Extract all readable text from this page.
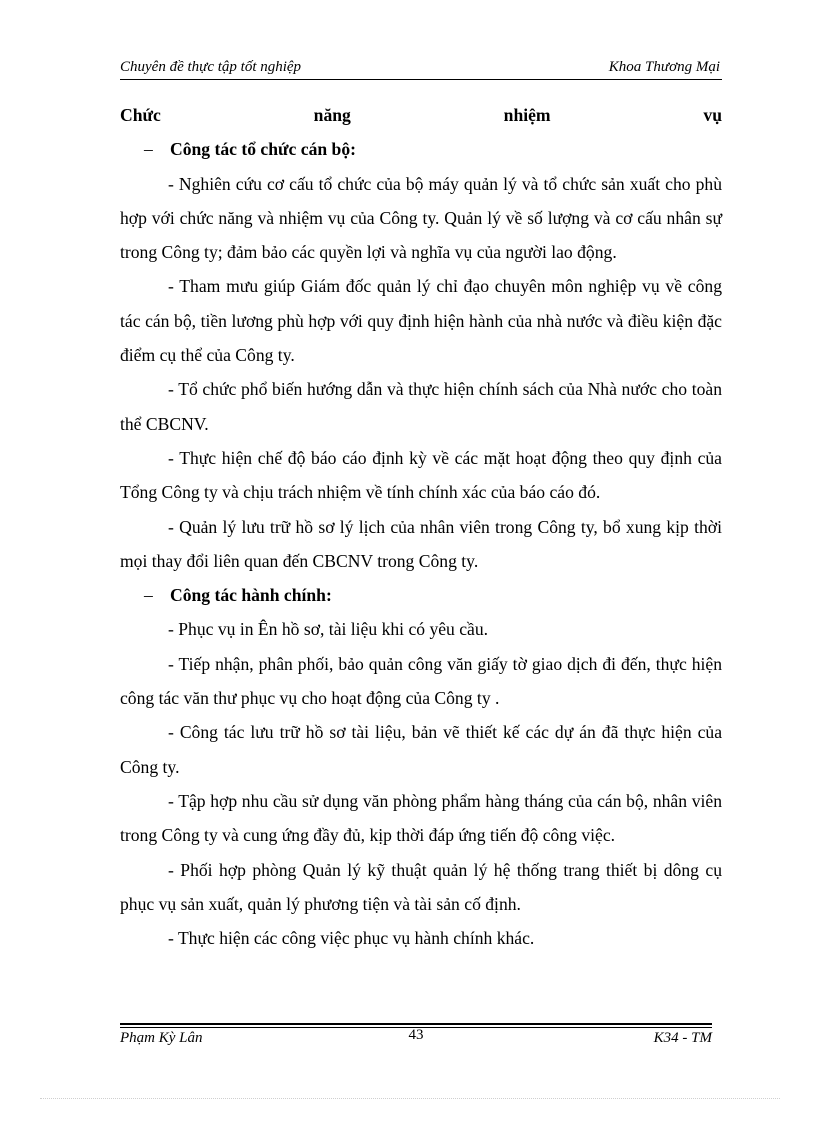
Chuyên đề thực tập tốt nghiệp	Khoa Thương Mại

Chức	năng	nhiệm	vụ

– Công tác tổ chức cán bộ:

- Nghiên cứu cơ cấu tổ chức của bộ máy quản lý và tổ chức sản xuất cho phù hợp với chức năng và nhiệm vụ của Công ty. Quản lý về số lượng và cơ cấu nhân sự trong Công ty; đảm bảo các quyền lợi và nghĩa vụ của người lao động.

- Tham mưu giúp Giám đốc quản lý chỉ đạo chuyên môn nghiệp vụ về công tác cán bộ, tiền lương phù hợp với quy định hiện hành của nhà nước và điều kiện đặc điểm cụ thể của Công ty.

- Tổ chức phổ biến hướng dẫn và thực hiện chính sách của Nhà nước cho toàn thể CBCNV.

- Thực hiện chế độ báo cáo định kỳ về các mặt hoạt động theo quy định của Tổng Công ty và chịu trách nhiệm về tính chính xác của báo cáo đó.

- Quản lý lưu trữ hồ sơ lý lịch của nhân viên trong Công ty, bổ xung kịp thời mọi thay đổi liên quan đến CBCNV trong Công ty.

– Công tác hành chính:

- Phục vụ in Ên hồ sơ, tài liệu khi có yêu cầu.

- Tiếp nhận, phân phối, bảo quản công văn giấy tờ giao dịch đi đến, thực hiện công tác văn thư phục vụ cho hoạt động của Công ty .

- Công tác lưu trữ hồ sơ tài liệu, bản vẽ thiết kế các dự án đã thực hiện của Công ty.

- Tập hợp nhu cầu sử dụng văn phòng phẩm hàng tháng của cán bộ, nhân viên trong Công ty và cung ứng đầy đủ, kịp thời đáp ứng tiến độ công việc.

- Phối hợp phòng Quản lý kỹ thuật quản lý hệ thống trang thiết bị dông cụ phục vụ sản xuất, quản lý phương tiện và tài sản cố định.

- Thực hiện các công việc phục vụ hành chính khác.

Phạm Kỳ Lân	43	K34 - TM
